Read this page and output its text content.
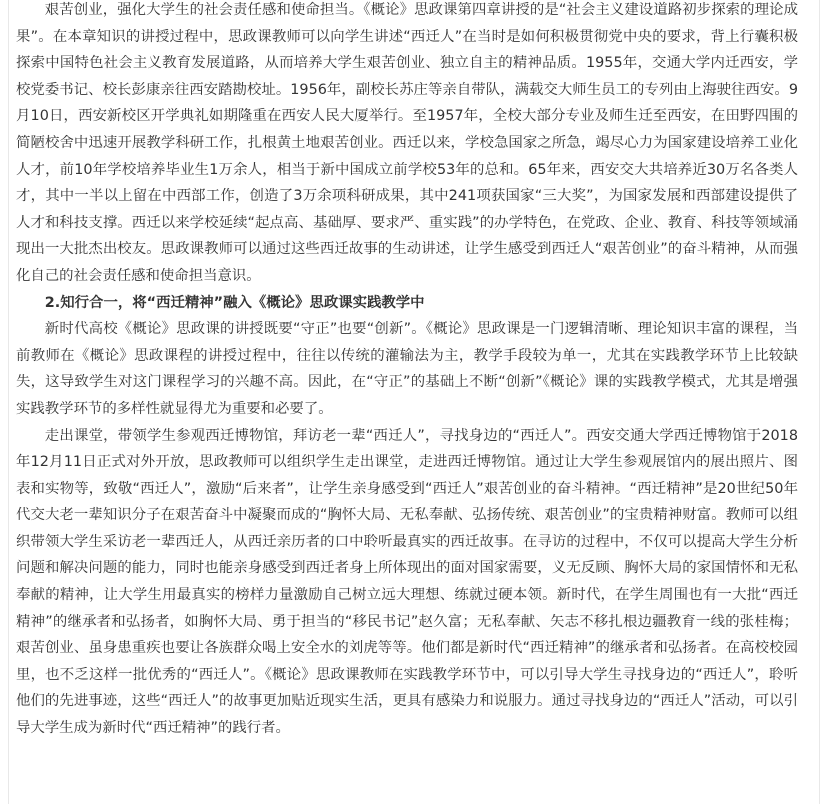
艰苦创业，强化大学生的社会责任感和使命担当。《概论》思政课第四章讲授的是“社会主义建设道路初步探索的理论成果”。在本章知识的讲授过程中，思政课教师可以向学生讲述“西迁人”在当时是如何积极贯彻党中央的要求，背上行囊积极探索中国特色社会主义教育发展道路，从而培养大学生艰苦创业、独立自主的精神品质。1955年，交通大学内迁西安，学校党委书记、校长彭康亲往西安踏勘校址。1956年，副校长苏庄等亲自带队，满载交大师生员工的专列由上海驶往西安。9月10日，西安新校区开学典礼如期隆重在西安人民大厦举行。至1957年，全校大部分专业及师生迁至西安，在田野四围的简陋校舍中迅速开展教学科研工作，扎根黄土地艰苦创业。西迁以来，学校急国家之所急，竭尽心力为国家建设培养工业化人才，前10年学校培养毕业生1万余人，相当于新中国成立前学校53年的总和。65年来，西安交大共培养近30万名各类人才，其中一半以上留在中西部工作，创造了3万余项科研成果，其中241项获国家“三大奖”，为国家发展和西部建设提供了人才和科技支撑。西迁以来学校延续“起点高、基础厚、要求严、重实践”的办学特色，在党政、企业、教育、科技等领域涌现出一大批杰出校友。思政课教师可以通过这些西迁故事的生动讲述，让学生感受到西迁人“艰苦创业”的奋斗精神，从而强化自己的社会责任感和使命担当意识。

2.知行合一，将“西迁精神”融入《概论》思政课实践教学中

新时代高校《概论》思政课的讲授既要“守正”也要“创新”。《概论》思政课是一门逻辑清晰、理论知识丰富的课程，当前教师在《概论》思政课程的讲授过程中，往往以传统的灌输法为主，教学手段较为单一，尤其在实践教学环节上比较缺失，这导致学生对这门课程学习的兴趣不高。因此，在“守正”的基础上不断“创新”《概论》课的实践教学模式，尤其是增强实践教学环节的多样性就显得尤为重要和必要了。

走出课堂，带领学生参观西迁博物馆，拜访老一辈“西迁人”，寻找身边的“西迁人”。西安交通大学西迁博物馆于2018年12月11日正式对外开放，思政教师可以组织学生走出课堂，走进西迁博物馆。通过让大学生参观展馆内的展出照片、图表和实物等，致敬“西迁人”，激励“后来者”，让学生亲身感受到“西迁人”艰苦创业的奋斗精神。“西迁精神”是20世纪50年代交大老一辈知识分子在艰苦奋斗中凝聚而成的“胸怀大局、无私奉献、弘扬传统、艰苦创业”的宝贵精神财富。教师可以组织带领大学生采访老一辈西迁人，从西迁亲历者的口中聆听最真实的西迁故事。在寻访的过程中，不仅可以提高大学生分析问题和解决问题的能力，同时也能亲身感受到西迁者身上所体现出的面对国家需要，义无反顾、胸怀大局的家国情怀和无私奉献的精神，让大学生用最真实的榜样力量激励自己树立远大理想、练就过硬本领。新时代，在学生周围也有一大批“西迁精神”的继承者和弘扬者，如胸怀大局、勇于担当的“移民书记”赵久富；无私奉献、矢志不移扎根边疆教育一线的张桂梅；艰苦创业、虽身患重疾也要让各族群众喝上安全水的刘虎等等。他们都是新时代“西迁精神”的继承者和弘扬者。在高校校园里，也不乏这样一批优秀的“西迁人”。《概论》思政课教师在实践教学环节中，可以引导大学生寻找身边的“西迁人”，聆听他们的先进事迹，这些“西迁人”的故事更加贴近现实生活，更具有感染力和说服力。通过寻找身边的“西迁人”活动，可以引导大学生成为新时代“西迁精神”的践行者。
